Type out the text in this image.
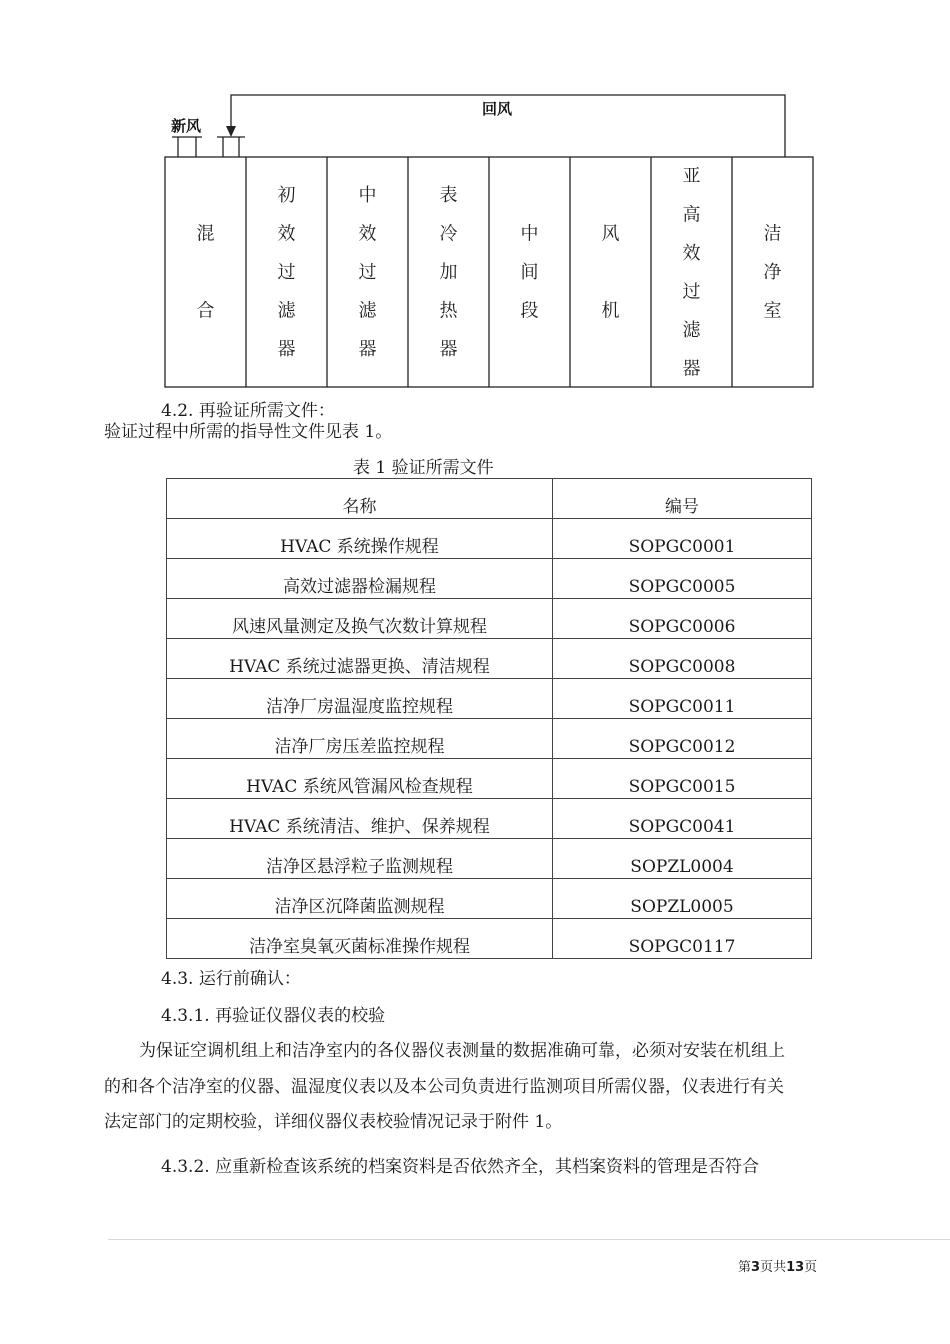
新风
回风
混合
初效过滤器
中效过滤器
表冷加热器
中间段
风机
亚高效过滤器
洁净室
4.2. 再验证所需文件：
验证过程中所需的指导性文件见表 1。
表 1 验证所需文件
名称	编号
HVAC 系统操作规程	SOPGC0001
高效过滤器检漏规程	SOPGC0005
风速风量测定及换气次数计算规程	SOPGC0006
HVAC 系统过滤器更换、清洁规程	SOPGC0008
洁净厂房温湿度监控规程	SOPGC0011
洁净厂房压差监控规程	SOPGC0012
HVAC 系统风管漏风检查规程	SOPGC0015
HVAC 系统清洁、维护、保养规程	SOPGC0041
洁净区悬浮粒子监测规程	SOPZL0004
洁净区沉降菌监测规程	SOPZL0005
洁净室臭氧灭菌标准操作规程	SOPGC0117
4.3. 运行前确认：
4.3.1. 再验证仪器仪表的校验
为保证空调机组上和洁净室内的各仪器仪表测量的数据准确可靠，必须对安装在机组上
的和各个洁净室的仪器、温湿度仪表以及本公司负责进行监测项目所需仪器，仪表进行有关
法定部门的定期校验，详细仪器仪表校验情况记录于附件 1。
4.3.2. 应重新检查该系统的档案资料是否依然齐全，其档案资料的管理是否符合
第3页共13页
